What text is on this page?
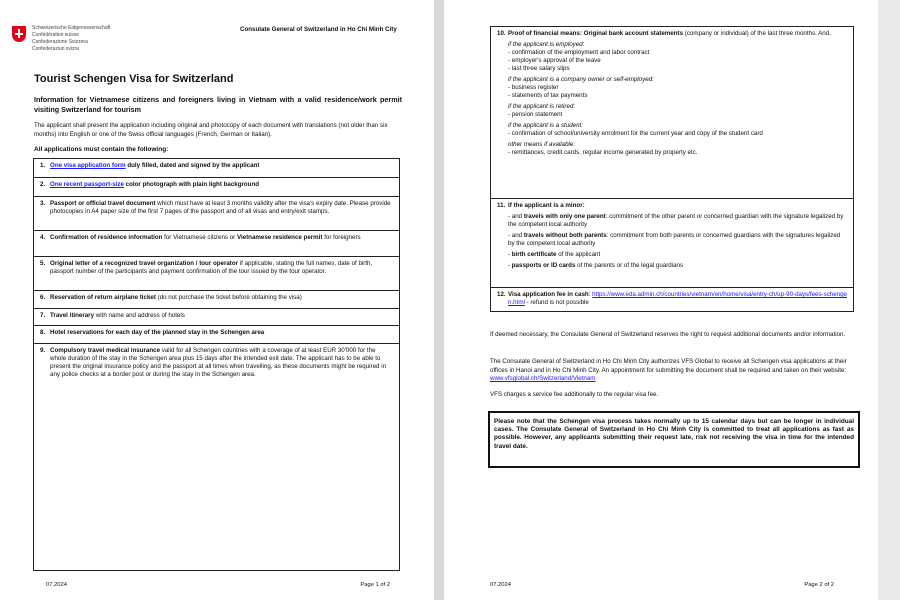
Schweizerische Eidgenossenschaft
Confédération suisse
Confederazione Svizzera
Confederaziun svizra
Consulate General of Switzerland in Ho Chi Minh City
Tourist Schengen Visa for Switzerland
Information for Vietnamese citizens and foreigners living in Vietnam with a valid residence/work permit visiting Switzerland for tourism
The applicant shall present the application including original and photocopy of each document with translations (not older than six months) into English or one of the Swiss official languages (French, German or Italian).
All applications must contain the following:
1. One visa application form duly filled, dated and signed by the applicant
2. One recent passport-size color photograph with plain light background
3. Passport or official travel document which must have at least 3 months validity after the visa's expiry date. Please provide photocopies in A4 paper size of the first 7 pages of the passport and of all visas and entry/exit stamps.
4. Confirmation of residence information for Vietnamese citizens or Vietnamese residence permit for foreigners
5. Original letter of a recognized travel organization / tour operator if applicable, stating the full names, date of birth, passport number of the participants and payment confirmation of the tour issued by the tour operator.
6. Reservation of return airplane ticket (do not purchase the ticket before obtaining the visa)
7. Travel itinerary with name and address of hotels
8. Hotel reservations for each day of the planned stay in the Schengen area
9. Compulsory travel medical insurance valid for all Schengen countries with a coverage of at least EUR 30'000 for the whole duration of the stay in the Schengen area plus 15 days after the intended exit date. The applicant has to be able to present the original insurance policy and the passport at all times when travelling, as these documents might be required in any police checks at a border post or during the stay in the Schengen area.
07.2024	Page 1 of 2
10. Proof of financial means: Original bank account statements (company or individual) of the last three months. And,
if the applicant is employed:
- confirmation of the employment and labor contract
- employer's approval of the leave
- last three salary slips
if the applicant is a company owner or self-employed:
- business register
- statements of tax payments
if the applicant is retired:
- pension statement
if the applicant is a student:
- confirmation of school/university enrolment for the current year and copy of the student card
other means if available:
- remittances, credit cards, regular income generated by property etc.
11. If the applicant is a minor:
- and travels with only one parent: commitment of the other parent or concerned guardian with the signature legalized by the competent local authority
- and travels without both parents: commitment from both parents or concerned guardians with the signatures legalized by the competent local authority
- birth certificate of the applicant
- passports or ID cards of the parents or of the legal guardians
12. Visa application fee in cash: https://www.eda.admin.ch/countries/vietnam/en/home/visa/entry-ch/up-90-days/fees-schengen.html - refund is not possible
If deemed necessary, the Consulate General of Switzerland reserves the right to request additional documents and/or information.
The Consulate General of Switzerland in Ho Chi Minh City authorizes VFS Global to receive all Schengen visa applications at their offices in Hanoi and in Ho Chi Minh City. An appointment for submitting the document shall be required and taken on their website: www.vfsglobal.ch/Switzerland/Vietnam
VFS charges a service fee additionally to the regular visa fee.
Please note that the Schengen visa process takes normally up to 15 calendar days but can be longer in individual cases. The Consulate General of Switzerland in Ho Chi Minh City is committed to treat all applications as fast as possible. However, any applicants submitting their request late, risk not receiving the visa in time for the intended travel date.
07.2024	Page 2 of 2
